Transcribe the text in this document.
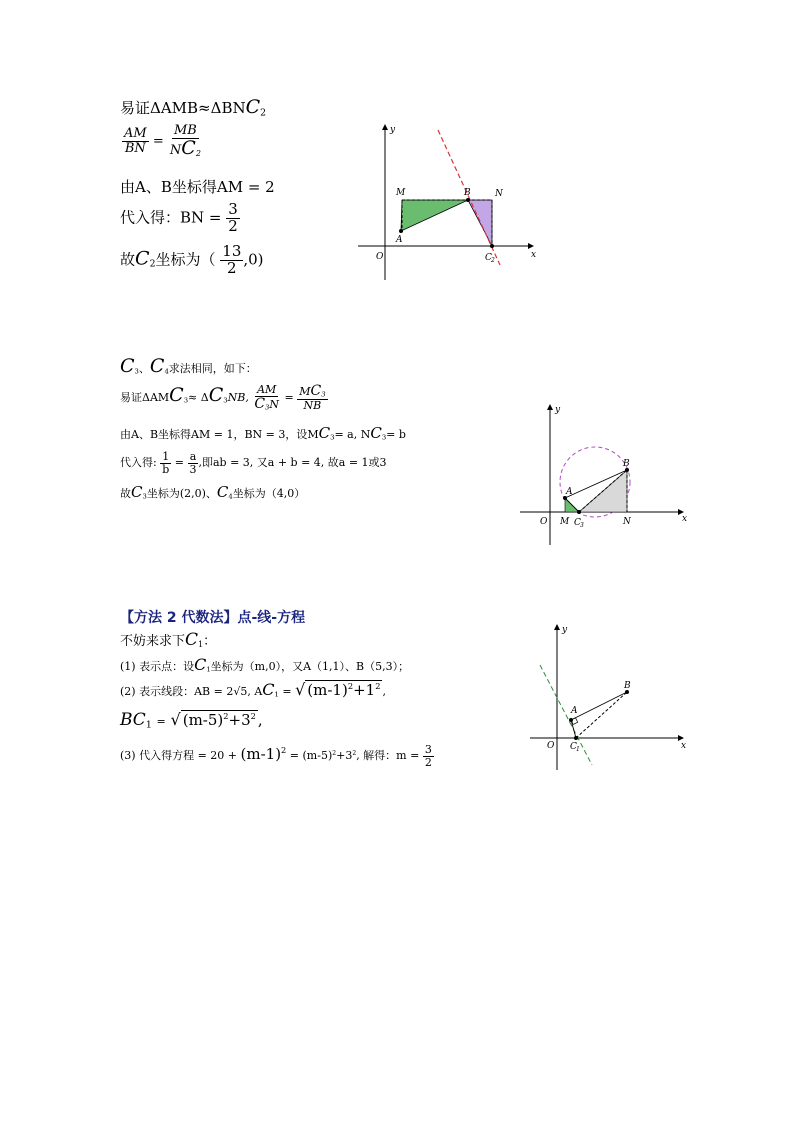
易证$\Delta AMB\approx\Delta BNC_2$
$\frac{AM}{BN} = \frac{MB}{NC_2}$
由A、B坐标得AM = 2
代入得：BN = $\frac{3}{2}$
故$C_2$坐标为（ $\frac{13}{2} ,0$)	x
y
O
M	B	N
A
C 2
$C_3$、$C_4$求法相同，如下：
易证$\Delta AMC_3\approx \Delta C_3NB$, $\frac{AM}{C_3N} = \frac{MC_3}{NB}$
由A、B坐标得AM = 1，BN = 3，设$MC_3= a$, $NC_3= b$
代入得: $\frac{1}{b} = \frac{a}{3}$ ,即ab = 3, 又a + b = 4, 故a = 1或3
故$C_3$坐标为(2,0)、$C_4$坐标为（4,0）
x
y
O M
A
B
N
C 3
【方法 2 代数法】点-线-方程
不妨来求下$C_1$：
(1) 表示点：设$C_1$坐标为（m,0），又A（1,1）、B（5,3）；
(2) 表示线段：AB = 2√5, $AC_1$ = √ $(m-1)^2+1^2$ ,
$BC_1$ = √ $(m-5)^2+3^2$ ,
(3) 代入得方程 = $20 + (m-1)^2 = (m-5)^2+3^2$, 解得：$m = \frac{3}{2}$	x
y
O
A
B
C 1
